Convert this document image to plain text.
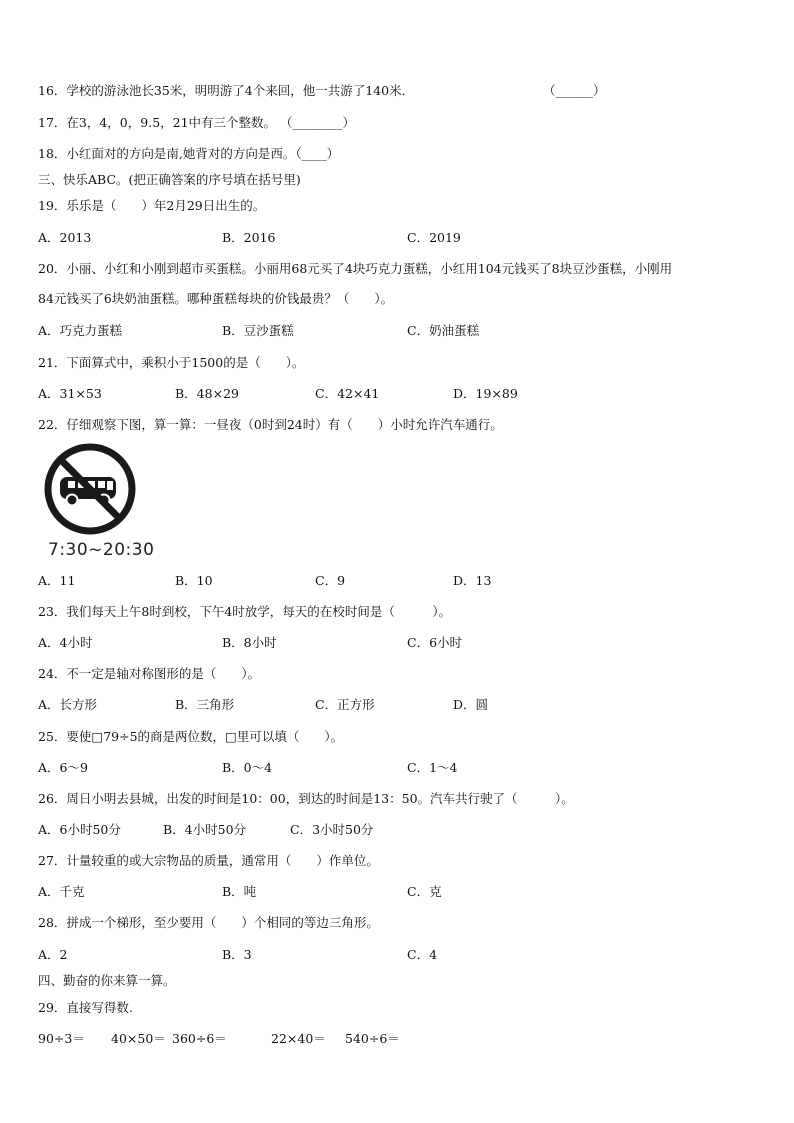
16．学校的游泳池长35米，明明游了4个来回，他一共游了140米．	（______）
17．在3，4，0，9.5，21中有三个整数。 （________）
18．小红面对的方向是南,她背对的方向是西。（____）
三、快乐ABC。(把正确答案的序号填在括号里)
19．乐乐是（　　）年2月29日出生的。
A．2013	B．2016	C．2019
20．小丽、小红和小刚到超市买蛋糕。小丽用68元买了4块巧克力蛋糕，小红用104元钱买了8块豆沙蛋糕，小刚用
84元钱买了6块奶油蛋糕。哪种蛋糕每块的价钱最贵？（　　）。
A．巧克力蛋糕	B．豆沙蛋糕	C．奶油蛋糕
21．下面算式中，乘积小于1500的是（　　）。
A．31×53	B．48×29	C．42×41	D．19×89
22．仔细观察下图，算一算：一昼夜（0时到24时）有（　　）小时允许汽车通行。
7:30~20:30
A．11	B．10	C．9	D．13
23．我们每天上午8时到校，下午4时放学，每天的在校时间是（　　　）。
A．4小时	B．8小时	C．6小时
24．不一定是轴对称图形的是（　　）。
A．长方形	B．三角形	C．正方形	D．圆
25．要使□79÷5的商是两位数，□里可以填（　　）。
A．6～9	B．0～4	C．1～4
26．周日小明去县城，出发的时间是10：00，到达的时间是13：50。汽车共行驶了（　　　）。
A．6小时50分	B．4小时50分	C．3小时50分
27．计量较重的或大宗物品的质量，通常用（　　）作单位。
A．千克	B．吨	C．克
28．拼成一个梯形，至少要用（　　）个相同的等边三角形。
A．2	B．3	C．4
四、勤奋的你来算一算。
29．直接写得数.
90÷3＝ 40×50＝ 360÷6＝	22×40＝ 540÷6＝
